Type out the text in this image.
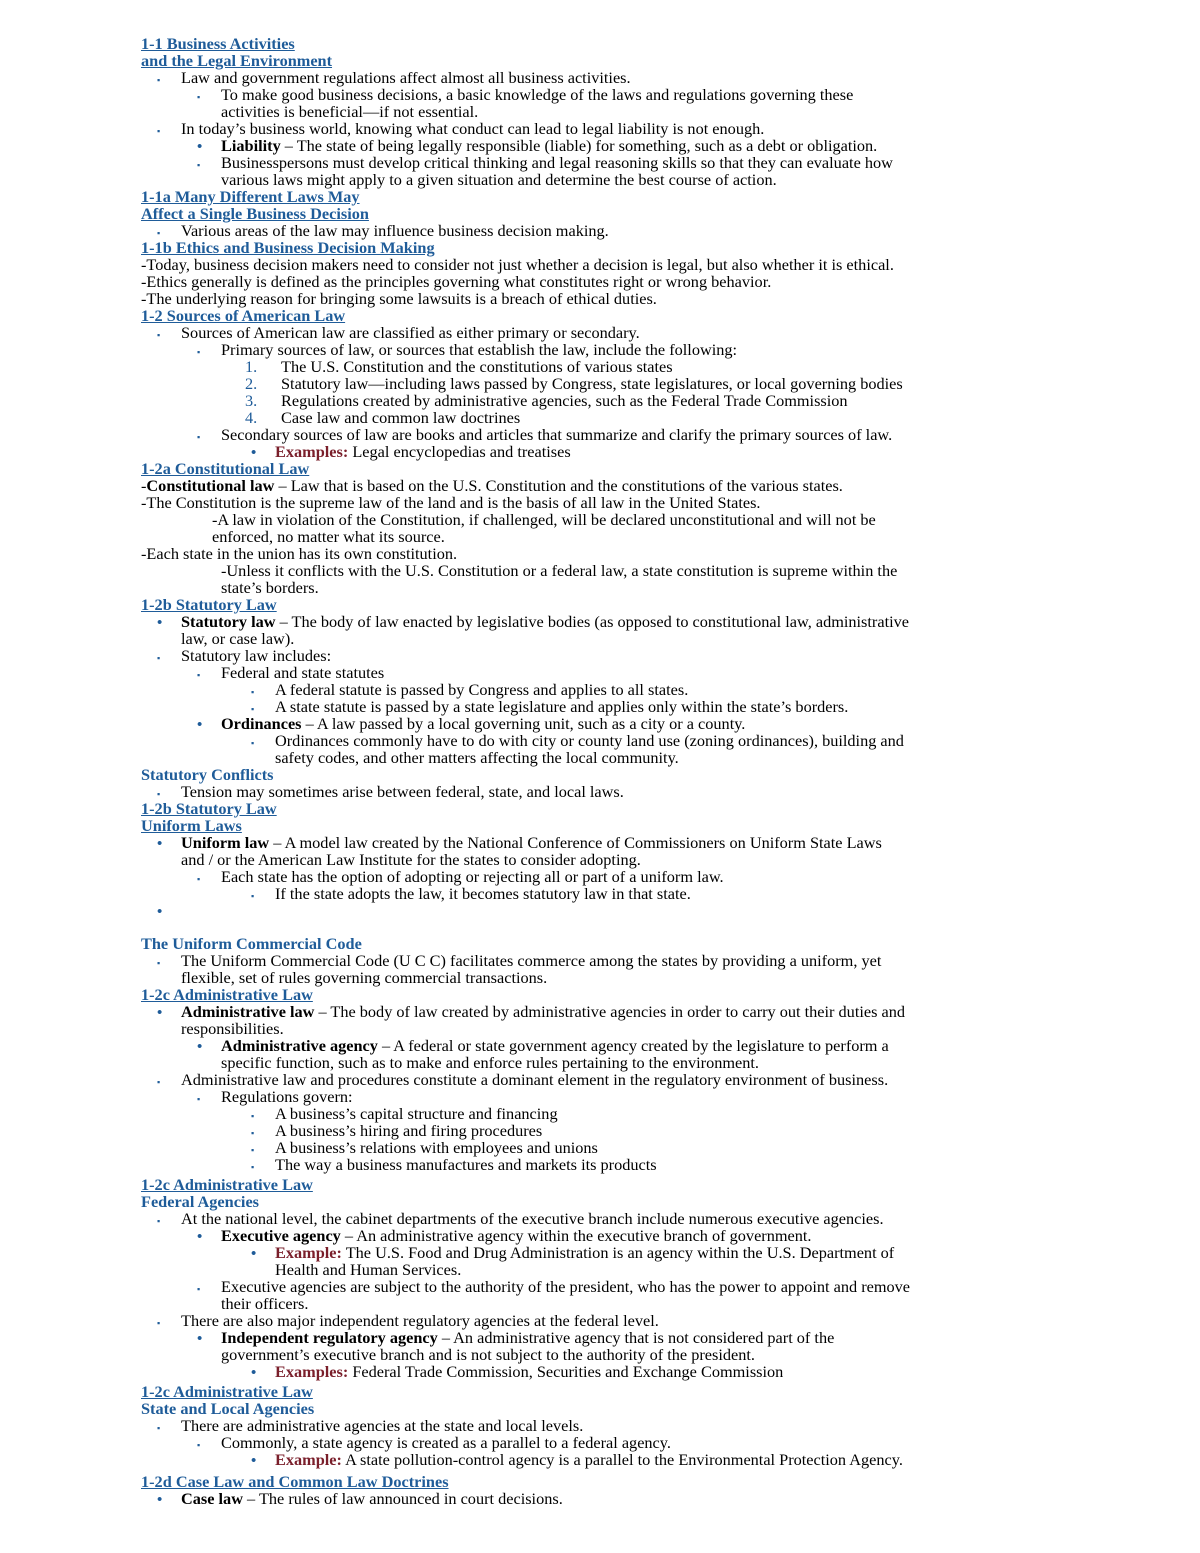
1-1 Business Activities
and the Legal Environment
▪ Law and government regulations affect almost all business activities.
▪ To make good business decisions, a basic knowledge of the laws and regulations governing these
activities is beneficial—if not essential.
▪ In today’s business world, knowing what conduct can lead to legal liability is not enough.
• Liability – The state of being legally responsible (liable) for something, such as a debt or obligation.
▪ Businesspersons must develop critical thinking and legal reasoning skills so that they can evaluate how
various laws might apply to a given situation and determine the best course of action.
1-1a Many Different Laws May
Affect a Single Business Decision
▪ Various areas of the law may influence business decision making.
1-1b Ethics and Business Decision Making
-Today, business decision makers need to consider not just whether a decision is legal, but also whether it is ethical.
-Ethics generally is defined as the principles governing what constitutes right or wrong behavior.
-The underlying reason for bringing some lawsuits is a breach of ethical duties.
1-2 Sources of American Law
▪ Sources of American law are classified as either primary or secondary.
▪ Primary sources of law, or sources that establish the law, include the following:
1. The U.S. Constitution and the constitutions of various states
2. Statutory law—including laws passed by Congress, state legislatures, or local governing bodies
3. Regulations created by administrative agencies, such as the Federal Trade Commission
4. Case law and common law doctrines
▪ Secondary sources of law are books and articles that summarize and clarify the primary sources of law.
• Examples: Legal encyclopedias and treatises
1-2a Constitutional Law
-Constitutional law – Law that is based on the U.S. Constitution and the constitutions of the various states.
-The Constitution is the supreme law of the land and is the basis of all law in the United States.
-A law in violation of the Constitution, if challenged, will be declared unconstitutional and will not be
enforced, no matter what its source.
-Each state in the union has its own constitution.
-Unless it conflicts with the U.S. Constitution or a federal law, a state constitution is supreme within the
state’s borders.
1-2b Statutory Law
• Statutory law – The body of law enacted by legislative bodies (as opposed to constitutional law, administrative
law, or case law).
▪ Statutory law includes:
▪ Federal and state statutes
▪ A federal statute is passed by Congress and applies to all states.
▪ A state statute is passed by a state legislature and applies only within the state’s borders.
• Ordinances – A law passed by a local governing unit, such as a city or a county.
▪ Ordinances commonly have to do with city or county land use (zoning ordinances), building and
safety codes, and other matters affecting the local community.
Statutory Conflicts
▪ Tension may sometimes arise between federal, state, and local laws.
1-2b Statutory Law
Uniform Laws
• Uniform law – A model law created by the National Conference of Commissioners on Uniform State Laws
and / or the American Law Institute for the states to consider adopting.
▪ Each state has the option of adopting or rejecting all or part of a uniform law.
▪ If the state adopts the law, it becomes statutory law in that state.
•
The Uniform Commercial Code
▪ The Uniform Commercial Code (U C C) facilitates commerce among the states by providing a uniform, yet
flexible, set of rules governing commercial transactions.
1-2c Administrative Law
• Administrative law – The body of law created by administrative agencies in order to carry out their duties and
responsibilities.
• Administrative agency – A federal or state government agency created by the legislature to perform a
specific function, such as to make and enforce rules pertaining to the environment.
▪ Administrative law and procedures constitute a dominant element in the regulatory environment of business.
▪ Regulations govern:
▪ A business’s capital structure and financing
▪ A business’s hiring and firing procedures
▪ A business’s relations with employees and unions
▪ The way a business manufactures and markets its products
1-2c Administrative Law
Federal Agencies
▪ At the national level, the cabinet departments of the executive branch include numerous executive agencies.
• Executive agency – An administrative agency within the executive branch of government.
• Example: The U.S. Food and Drug Administration is an agency within the U.S. Department of
Health and Human Services.
▪ Executive agencies are subject to the authority of the president, who has the power to appoint and remove
their officers.
▪ There are also major independent regulatory agencies at the federal level.
• Independent regulatory agency – An administrative agency that is not considered part of the
government’s executive branch and is not subject to the authority of the president.
• Examples: Federal Trade Commission, Securities and Exchange Commission
1-2c Administrative Law
State and Local Agencies
▪ There are administrative agencies at the state and local levels.
▪ Commonly, a state agency is created as a parallel to a federal agency.
• Example: A state pollution-control agency is a parallel to the Environmental Protection Agency.
1-2d Case Law and Common Law Doctrines
• Case law – The rules of law announced in court decisions.
